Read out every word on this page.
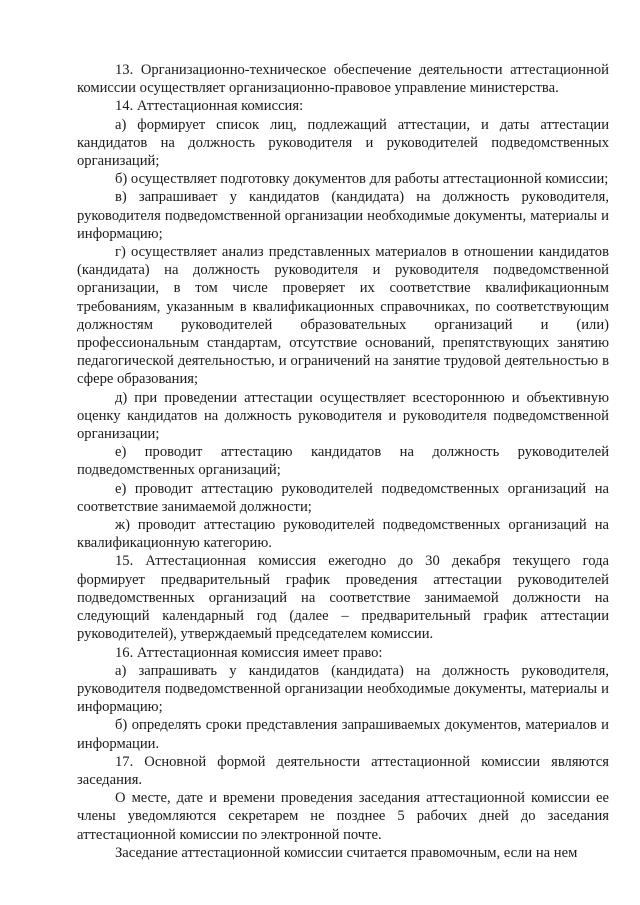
13. Организационно-техническое обеспечение деятельности аттестационной комиссии осуществляет организационно-правовое управление министерства.

14. Аттестационная комиссия:

а) формирует список лиц, подлежащий аттестации, и даты аттестации кандидатов на должность руководителя и руководителей подведомственных организаций;

б) осуществляет подготовку документов для работы аттестационной комиссии;

в) запрашивает у кандидатов (кандидата) на должность руководителя, руководителя подведомственной организации необходимые документы, материалы и информацию;

г) осуществляет анализ представленных материалов в отношении кандидатов (кандидата) на должность руководителя и руководителя подведомственной организации, в том числе проверяет их соответствие квалификационным требованиям, указанным в квалификационных справочниках, по соответствующим должностям руководителей образовательных организаций и (или) профессиональным стандартам, отсутствие оснований, препятствующих занятию педагогической деятельностью, и ограничений на занятие трудовой деятельностью в сфере образования;

д) при проведении аттестации осуществляет всестороннюю и объективную оценку кандидатов на должность руководителя и руководителя подведомственной организации;

е) проводит аттестацию кандидатов на должность руководителей подведомственных организаций;

е) проводит аттестацию руководителей подведомственных организаций на соответствие занимаемой должности;

ж) проводит аттестацию руководителей подведомственных организаций на квалификационную категорию.

15. Аттестационная комиссия ежегодно до 30 декабря текущего года формирует предварительный график проведения аттестации руководителей подведомственных организаций на соответствие занимаемой должности на следующий календарный год (далее – предварительный график аттестации руководителей), утверждаемый председателем комиссии.

16. Аттестационная комиссия имеет право:

а) запрашивать у кандидатов (кандидата) на должность руководителя, руководителя подведомственной организации необходимые документы, материалы и информацию;

б) определять сроки представления запрашиваемых документов, материалов и информации.

17. Основной формой деятельности аттестационной комиссии являются заседания.

О месте, дате и времени проведения заседания аттестационной комиссии ее члены уведомляются секретарем не позднее 5 рабочих дней до заседания аттестационной комиссии по электронной почте.

Заседание аттестационной комиссии считается правомочным, если на нем
